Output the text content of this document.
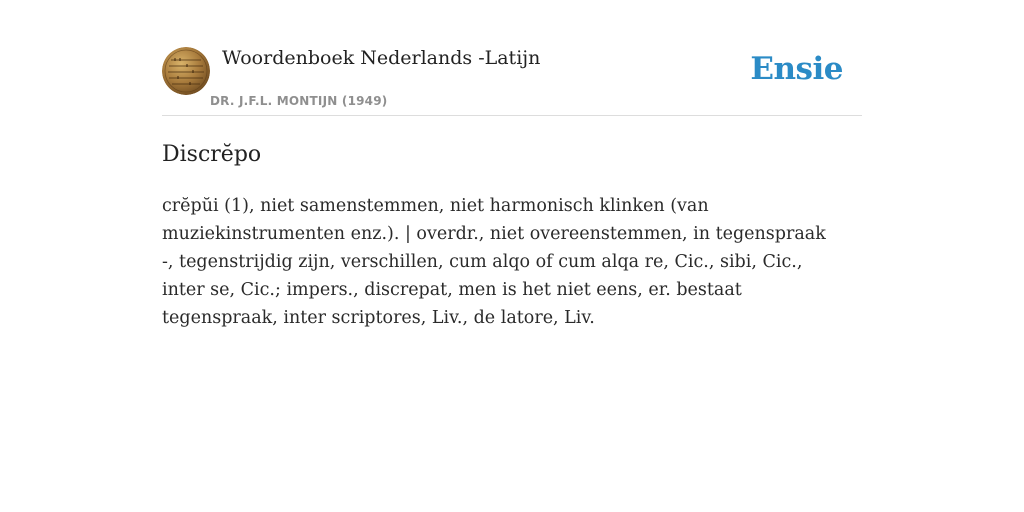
Woordenboek Nederlands -Latijn
DR. J.F.L. MONTIJN (1949)
Ensie
Discrĕpo

crĕpŭi (1), niet samenstemmen, niet harmonisch klinken (van muziekinstrumenten enz.). | overdr., niet overeenstemmen, in tegenspraak -, tegenstrijdig zijn, verschillen, cum alqo of cum alqa re, Cic., sibi, Cic., inter se, Cic.; impers., discrepat, men is het niet eens, er. bestaat tegenspraak, inter scriptores, Liv., de latore, Liv.
